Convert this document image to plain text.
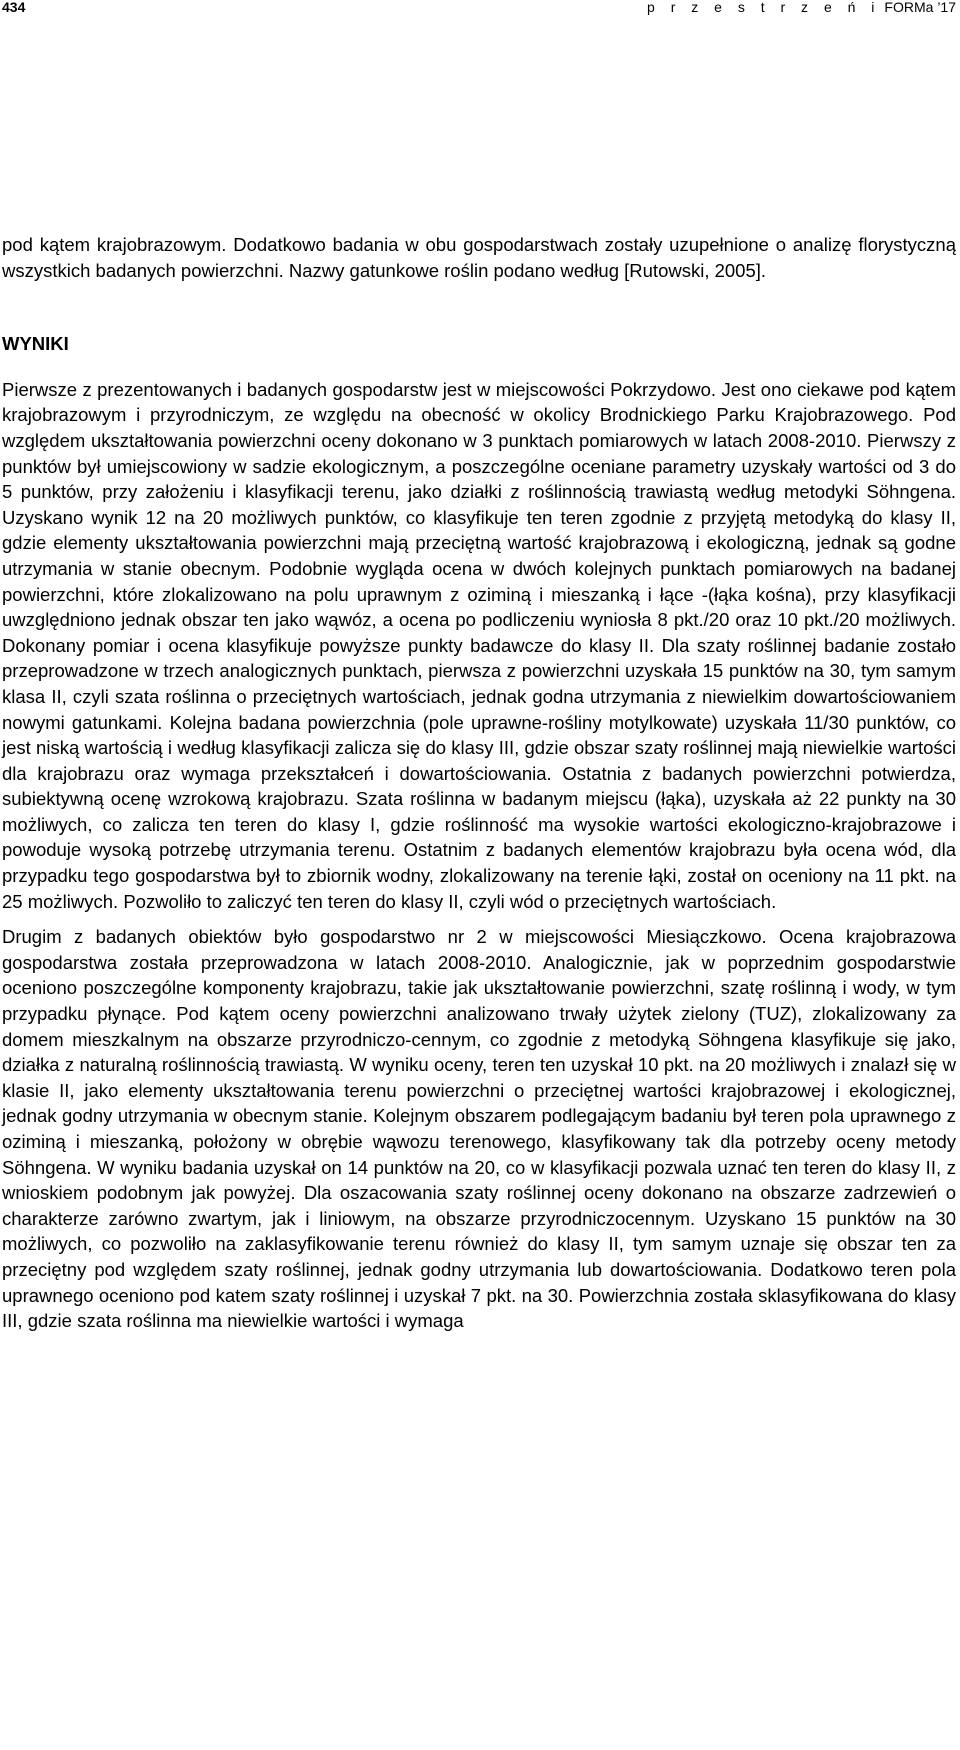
434	p r z e s t r z e ń i FORMa ’17

pod kątem krajobrazowym. Dodatkowo badania w obu gospodarstwach zostały uzupełnione o analizę florystyczną wszystkich badanych powierzchni. Nazwy gatunkowe roślin podano według [Rutowski, 2005].

WYNIKI

Pierwsze z prezentowanych i badanych gospodarstw jest w miejscowości Pokrzydowo. Jest ono ciekawe pod kątem krajobrazowym i przyrodniczym, ze względu na obecność w okolicy Brodnickiego Parku Krajobrazowego. Pod względem ukształtowania powierzchni oceny dokonano w 3 punktach pomiarowych w latach 2008-2010. Pierwszy z punktów był umiejscowiony w sadzie ekologicznym, a poszczególne oceniane parametry uzyskały wartości od 3 do 5 punktów, przy założeniu i klasyfikacji terenu, jako działki z roślinnością trawiastą według metodyki Söhngena. Uzyskano wynik 12 na 20 możliwych punktów, co klasyfikuje ten teren zgodnie z przyjętą metodyką do klasy II, gdzie elementy ukształtowania powierzchni mają przeciętną wartość krajobrazową i ekologiczną, jednak są godne utrzymania w stanie obecnym. Podobnie wygląda ocena w dwóch kolejnych punktach pomiarowych na badanej powierzchni, które zlokalizowano na polu uprawnym z oziminą i mieszanką i łące -(łąka kośna), przy klasyfikacji uwzględniono jednak obszar ten jako wąwóz, a ocena po podliczeniu wyniosła 8 pkt./20 oraz 10 pkt./20 możliwych. Dokonany pomiar i ocena klasyfikuje powyższe punkty badawcze do klasy II. Dla szaty roślinnej badanie zostało przeprowadzone w trzech analogicznych punktach, pierwsza z powierzchni uzyskała 15 punktów na 30, tym samym klasa II, czyli szata roślinna o przeciętnych wartościach, jednak godna utrzymania z niewielkim dowartościowaniem nowymi gatunkami. Kolejna badana powierzchnia (pole uprawne-rośliny motylkowate) uzyskała 11/30 punktów, co jest niską wartością i według klasyfikacji zalicza się do klasy III, gdzie obszar szaty roślinnej mają niewielkie wartości dla krajobrazu oraz wymaga przekształceń i dowartościowania. Ostatnia z badanych powierzchni potwierdza, subiektywną ocenę wzrokową krajobrazu. Szata roślinna w badanym miejscu (łąka), uzyskała aż 22 punkty na 30 możliwych, co zalicza ten teren do klasy I, gdzie roślinność ma wysokie wartości ekologiczno-krajobrazowe i powoduje wysoką potrzebę utrzymania terenu. Ostatnim z badanych elementów krajobrazu była ocena wód, dla przypadku tego gospodarstwa był to zbiornik wodny, zlokalizowany na terenie łąki, został on oceniony na 11 pkt. na 25 możliwych. Pozwoliło to zaliczyć ten teren do klasy II, czyli wód o przeciętnych wartościach.

Drugim z badanych obiektów było gospodarstwo nr 2 w miejscowości Miesiączkowo. Ocena krajobrazowa gospodarstwa została przeprowadzona w latach 2008-2010. Analogicznie, jak w poprzednim gospodarstwie oceniono poszczególne komponenty krajobrazu, takie jak ukształtowanie powierzchni, szatę roślinną i wody, w tym przypadku płynące. Pod kątem oceny powierzchni analizowano trwały użytek zielony (TUZ), zlokalizowany za domem mieszkalnym na obszarze przyrodniczo-cennym, co zgodnie z metodyką Söhngena klasyfikuje się jako, działka z naturalną roślinnością trawiastą. W wyniku oceny, teren ten uzyskał 10 pkt. na 20 możliwych i znalazł się w klasie II, jako elementy ukształtowania terenu powierzchni o przeciętnej wartości krajobrazowej i ekologicznej, jednak godny utrzymania w obecnym stanie. Kolejnym obszarem podlegającym badaniu był teren pola uprawnego z oziminą i mieszanką, położony w obrębie wąwozu terenowego, klasyfikowany tak dla potrzeby oceny metody Söhngena. W wyniku badania uzyskał on 14 punktów na 20, co w klasyfikacji pozwala uznać ten teren do klasy II, z wnioskiem podobnym jak powyżej. Dla oszacowania szaty roślinnej oceny dokonano na obszarze zadrzewień o charakterze zarówno zwartym, jak i liniowym, na obszarze przyrodniczocennym. Uzyskano 15 punktów na 30 możliwych, co pozwoliło na zaklasyfikowanie terenu również do klasy II, tym samym uznaje się obszar ten za przeciętny pod względem szaty roślinnej, jednak godny utrzymania lub dowartościowania. Dodatkowo teren pola uprawnego oceniono pod katem szaty roślinnej i uzyskał 7 pkt. na 30. Powierzchnia została sklasyfikowana do klasy III, gdzie szata roślinna ma niewielkie wartości i wymaga
